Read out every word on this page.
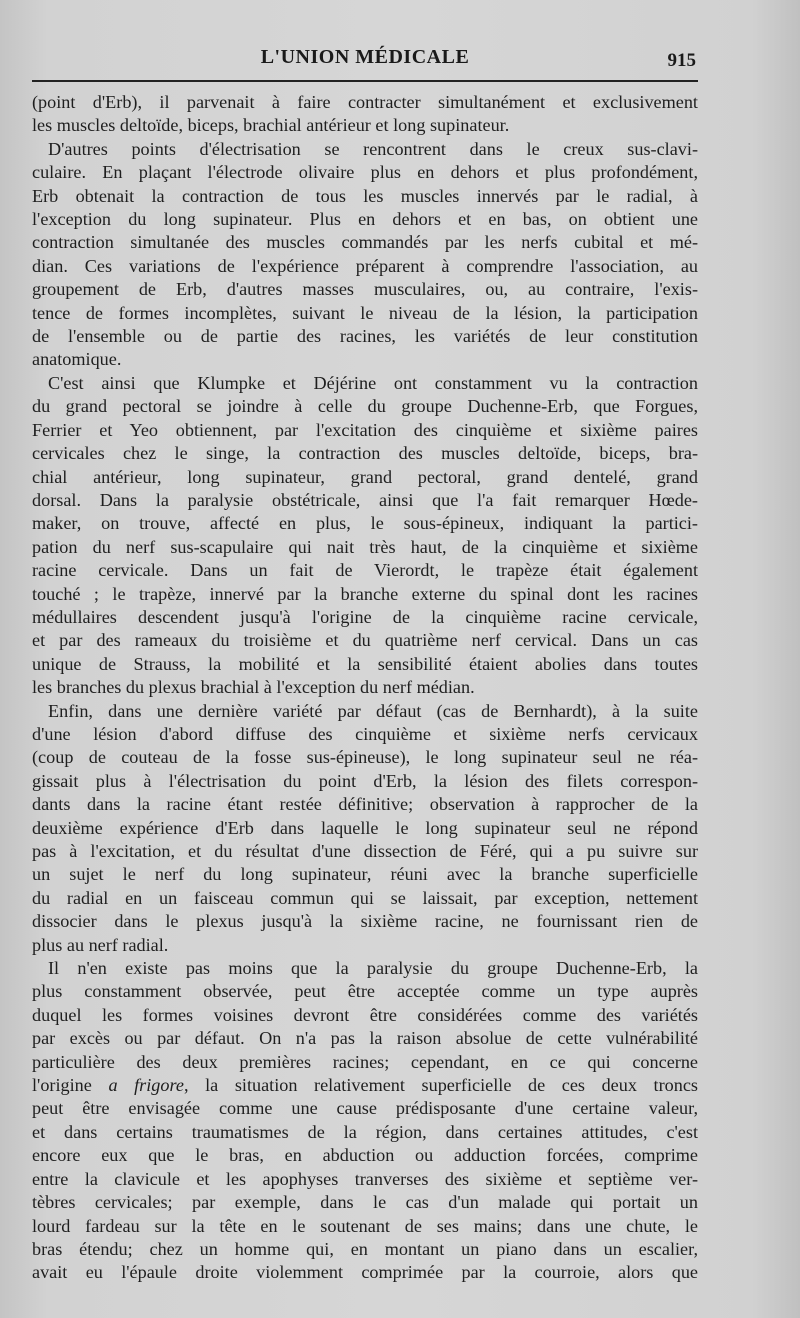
L'UNION MÉDICALE	915

(point d'Erb), il parvenait à faire contracter simultanément et exclusivement

les muscles deltoïde, biceps, brachial antérieur et long supinateur.

D'autres points d'électrisation se rencontrent dans le creux sus-clavi-

culaire. En plaçant l'électrode olivaire plus en dehors et plus profondément,

Erb obtenait la contraction de tous les muscles innervés par le radial, à

l'exception du long supinateur. Plus en dehors et en bas, on obtient une

contraction simultanée des muscles commandés par les nerfs cubital et mé-

dian. Ces variations de l'expérience préparent à comprendre l'association, au

groupement de Erb, d'autres masses musculaires, ou, au contraire, l'exis-

tence de formes incomplètes, suivant le niveau de la lésion, la participation

de l'ensemble ou de partie des racines, les variétés de leur constitution

anatomique.

C'est ainsi que Klumpke et Déjérine ont constamment vu la contraction

du grand pectoral se joindre à celle du groupe Duchenne-Erb, que Forgues,

Ferrier et Yeo obtiennent, par l'excitation des cinquième et sixième paires

cervicales chez le singe, la contraction des muscles deltoïde, biceps, bra-

chial antérieur, long supinateur, grand pectoral, grand dentelé, grand

dorsal. Dans la paralysie obstétricale, ainsi que l'a fait remarquer Hœde-

maker, on trouve, affecté en plus, le sous-épineux, indiquant la partici-

pation du nerf sus-scapulaire qui nait très haut, de la cinquième et sixième

racine cervicale. Dans un fait de Vierordt, le trapèze était également

touché ; le trapèze, innervé par la branche externe du spinal dont les racines

médullaires descendent jusqu'à l'origine de la cinquième racine cervicale,

et par des rameaux du troisième et du quatrième nerf cervical. Dans un cas

unique de Strauss, la mobilité et la sensibilité étaient abolies dans toutes

les branches du plexus brachial à l'exception du nerf médian.

Enfin, dans une dernière variété par défaut (cas de Bernhardt), à la suite

d'une lésion d'abord diffuse des cinquième et sixième nerfs cervicaux

(coup de couteau de la fosse sus-épineuse), le long supinateur seul ne réa-

gissait plus à l'électrisation du point d'Erb, la lésion des filets correspon-

dants dans la racine étant restée définitive; observation à rapprocher de la

deuxième expérience d'Erb dans laquelle le long supinateur seul ne répond

pas à l'excitation, et du résultat d'une dissection de Féré, qui a pu suivre sur

un sujet le nerf du long supinateur, réuni avec la branche superficielle

du radial en un faisceau commun qui se laissait, par exception, nettement

dissocier dans le plexus jusqu'à la sixième racine, ne fournissant rien de

plus au nerf radial.

Il n'en existe pas moins que la paralysie du groupe Duchenne-Erb, la

plus constamment observée, peut être acceptée comme un type auprès

duquel les formes voisines devront être considérées comme des variétés

par excès ou par défaut. On n'a pas la raison absolue de cette vulnérabilité

particulière des deux premières racines; cependant, en ce qui concerne

l'origine a frigore, la situation relativement superficielle de ces deux troncs

peut être envisagée comme une cause prédisposante d'une certaine valeur,

et dans certains traumatismes de la région, dans certaines attitudes, c'est

encore eux que le bras, en abduction ou adduction forcées, comprime

entre la clavicule et les apophyses tranverses des sixième et septième ver-

tèbres cervicales; par exemple, dans le cas d'un malade qui portait un

lourd fardeau sur la tête en le soutenant de ses mains; dans une chute, le

bras étendu; chez un homme qui, en montant un piano dans un escalier,

avait eu l'épaule droite violemment comprimée par la courroie, alors que
